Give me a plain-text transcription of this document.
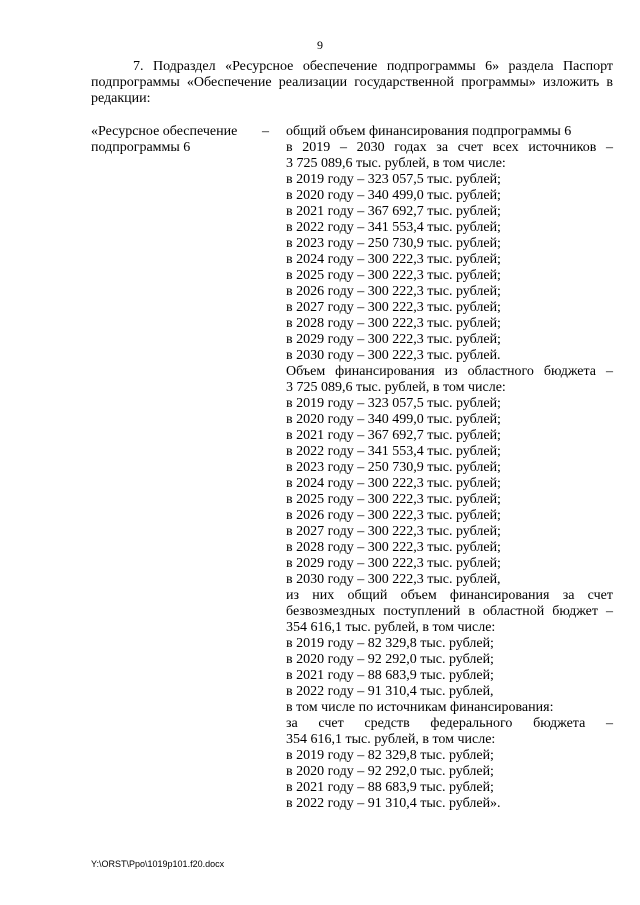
9

7. Подраздел «Ресурсное обеспечение подпрограммы 6» раздела Паспорт подпрограммы «Обеспечение реализации государственной программы» изложить в редакции:

«Ресурсное обеспечение
подпрограммы 6
– общий объем финансирования подпрограммы 6
в 2019 – 2030 годах за счет всех источников –
3 725 089,6 тыс. рублей, в том числе:
в 2019 году – 323 057,5 тыс. рублей;
в 2020 году – 340 499,0 тыс. рублей;
в 2021 году – 367 692,7 тыс. рублей;
в 2022 году – 341 553,4 тыс. рублей;
в 2023 году – 250 730,9 тыс. рублей;
в 2024 году – 300 222,3 тыс. рублей;
в 2025 году – 300 222,3 тыс. рублей;
в 2026 году – 300 222,3 тыс. рублей;
в 2027 году – 300 222,3 тыс. рублей;
в 2028 году – 300 222,3 тыс. рублей;
в 2029 году – 300 222,3 тыс. рублей;
в 2030 году – 300 222,3 тыс. рублей.
Объем финансирования из областного бюджета –
3 725 089,6 тыс. рублей, в том числе:
в 2019 году – 323 057,5 тыс. рублей;
в 2020 году – 340 499,0 тыс. рублей;
в 2021 году – 367 692,7 тыс. рублей;
в 2022 году – 341 553,4 тыс. рублей;
в 2023 году – 250 730,9 тыс. рублей;
в 2024 году – 300 222,3 тыс. рублей;
в 2025 году – 300 222,3 тыс. рублей;
в 2026 году – 300 222,3 тыс. рублей;
в 2027 году – 300 222,3 тыс. рублей;
в 2028 году – 300 222,3 тыс. рублей;
в 2029 году – 300 222,3 тыс. рублей;
в 2030 году – 300 222,3 тыс. рублей,
из них общий объем финансирования за счет
безвозмездных поступлений в областной бюджет –
354 616,1 тыс. рублей, в том числе:
в 2019 году – 82 329,8 тыс. рублей;
в 2020 году – 92 292,0 тыс. рублей;
в 2021 году – 88 683,9 тыс. рублей;
в 2022 году – 91 310,4 тыс. рублей,
в том числе по источникам финансирования:
за счет средств федерального бюджета –
354 616,1 тыс. рублей, в том числе:
в 2019 году – 82 329,8 тыс. рублей;
в 2020 году – 92 292,0 тыс. рублей;
в 2021 году – 88 683,9 тыс. рублей;
в 2022 году – 91 310,4 тыс. рублей».
Y:\ORST\Ppo\1019p101.f20.docx
